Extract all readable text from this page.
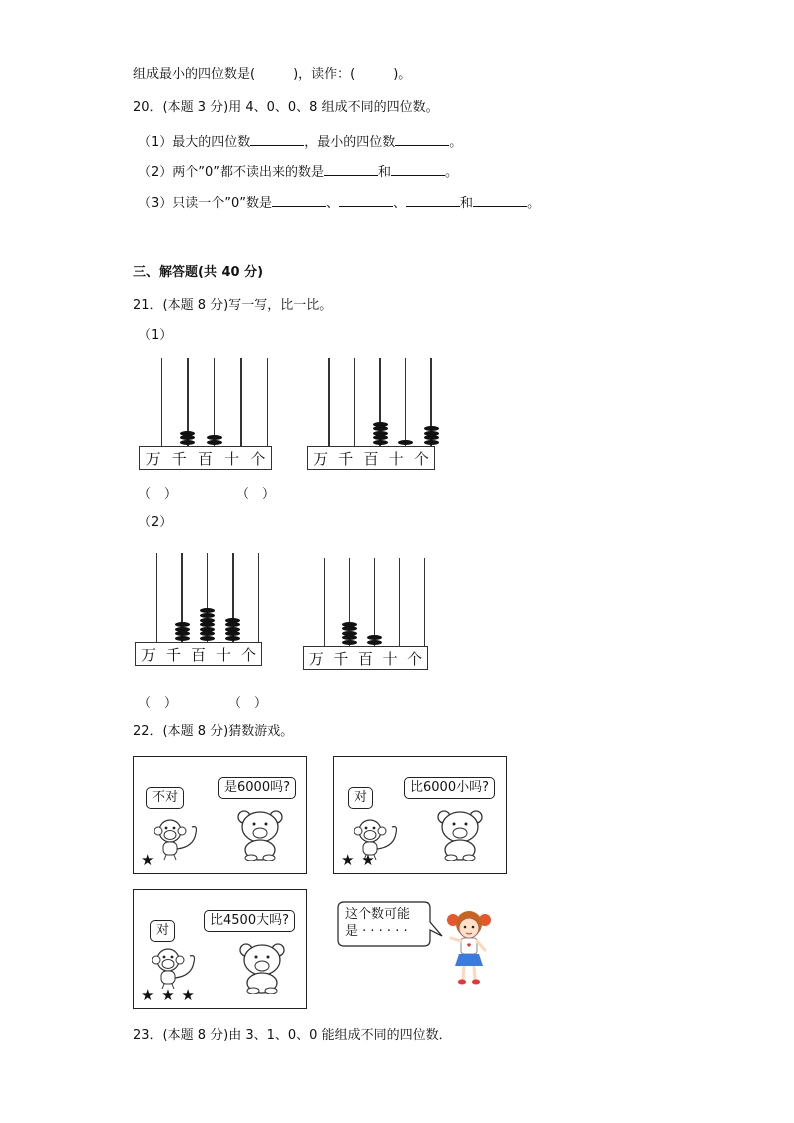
组成最小的四位数是(	)，读作：(	)。
20．(本题 3 分)用 4、0、0、8 组成不同的四位数。
（1）最大的四位数	，最小的四位数	。
（2）两个”0”都不读出来的数是	和	。
（3）只读一个”0”数是	、	、	和	。
三、解答题(共 40 分)
21．(本题 8 分)写一写，比一比。
（1）
万 千 百 十 个	万 千 百 十 个
（　）	（　）
（2）
万 千 百 十 个	万 千 百 十 个
（　）	（　）
22．(本题 8 分)猜数游戏。
不对
是6000吗?
★
对
比6000小吗?
★ ★
对
比4500大吗?
★ ★ ★
这个数可能
是 · · · · · ·
23．(本题 8 分)由 3、1、0、0 能组成不同的四位数．
